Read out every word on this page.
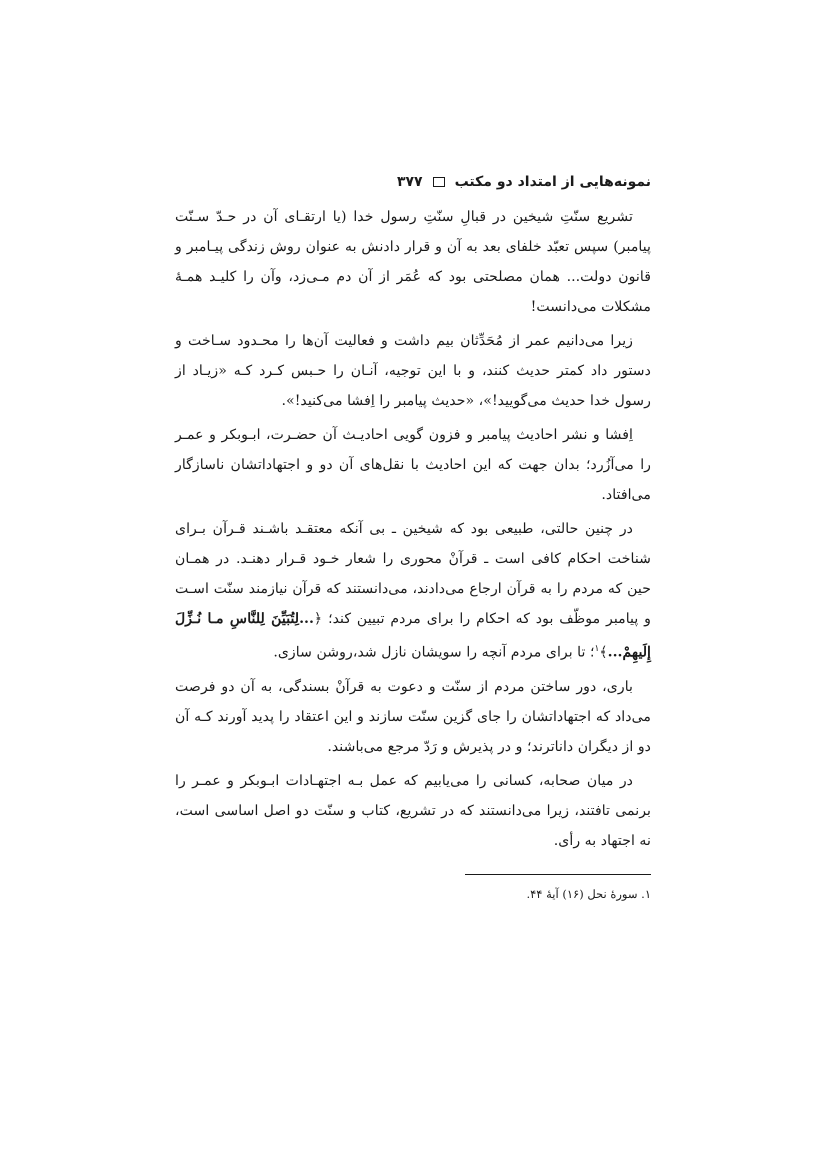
نمونه‌هایی از امتداد دو مکتب
۳۷۷

تشریع سنّتِ شیخین در قبالِ سنّتِ رسول خدا (یا ارتقـای آن در حـدّ سـنّت پیامبر) سپس تعبّد خلفای بعد به آن و قرار دادنش به عنوان روش زندگی پیـامبر و قانون دولت... همان مصلحتی بود که عُمَر از آن دم مـی‌زد، وآن را کلیـد همـهٔ مشکلات می‌دانست!

زیرا می‌دانیم عمر از مُحَدِّثان بیم داشت و فعالیت آن‌ها را محـدود سـاخت و دستور داد کمتر حدیث کنند، و با این توجیه، آنـان را حـبس کـرد کـه «زیـاد از رسول خدا حدیث می‌گویید!»، «حدیث پیامبر را اِفشا می‌کنید!».

اِفشا و نشر احادیث پیامبر و فزون گویی احادیـث آن حضـرت، ابـوبکر و عمـر را می‌آزُرد؛ بدان جهت که این احادیث با نقل‌های آن دو و اجتهاداتشان ناسازگار می‌افتاد.

در چنین حالتی، طبیعی بود که شیخین ـ بی آنکه معتقـد باشـند قـرآن بـرای شناخت احکام کافی است ـ قرآنْ محوری را شعار خـود قـرار دهنـد. در همـان حین که مردم را به قرآن ارجاع می‌دادند، می‌دانستند که قرآن نیازمند سنّت اسـت و پیامبر موظّف بود که احکام را برای مردم تبیین کند؛ ﴿...لِتُبَیِّنَ لِلنَّاسِ مـا نُـزِّلَ إِلَیهِمْ...﴾$^۱$؛ تا برای مردم آنچه را سویشان نازل شد،روشن سازی.

باری، دور ساختن مردم از سنّت و دعوت به قرآنْ بسندگی، به آن دو فرصت می‌داد که اجتهاداتشان را جای گزین سنّت سازند و این اعتقاد را پدید آورند کـه آن دو از دیگران داناترند؛ و در پذیرش و رَدّ مرجع می‌باشند.

در میان صحابه، کسانی را می‌یابیم که عمل بـه اجتهـادات ابـوبکر و عمـر را برنمی تافتند، زیرا می‌دانستند که در تشریع، کتاب و سنّت دو اصل اساسی است، نه اجتهاد به رأی.

۱. سورهٔ نحل (۱۶) آیهٔ ۴۴.
